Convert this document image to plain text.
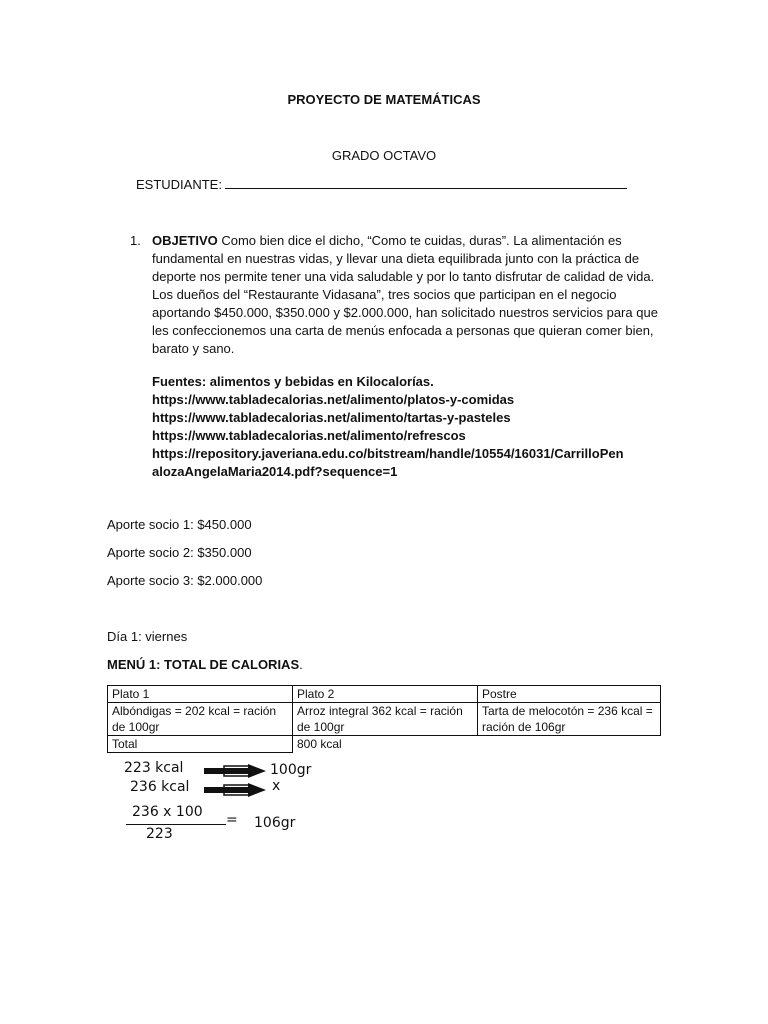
PROYECTO DE MATEMÁTICAS
GRADO OCTAVO
ESTUDIANTE:
1. OBJETIVO Como bien dice el dicho, “Como te cuidas, duras”. La alimentación es fundamental en nuestras vidas, y llevar una dieta equilibrada junto con la práctica de deporte nos permite tener una vida saludable y por lo tanto disfrutar de calidad de vida. Los dueños del “Restaurante Vidasana”, tres socios que participan en el negocio aportando $450.000, $350.000 y $2.000.000, han solicitado nuestros servicios para que les confeccionemos una carta de menús enfocada a personas que quieran comer bien, barato y sano.
Fuentes: alimentos y bebidas en Kilocalorías.
https://www.tabladecalorias.net/alimento/platos-y-comidas
https://www.tabladecalorias.net/alimento/tartas-y-pasteles
https://www.tabladecalorias.net/alimento/refrescos
https://repository.javeriana.edu.co/bitstream/handle/10554/16031/CarrilloPen
alozaAngelaMaria2014.pdf?sequence=1
Aporte socio 1: $450.000
Aporte socio 2: $350.000
Aporte socio 3: $2.000.000
Día 1: viernes
MENÚ 1: TOTAL DE CALORIAS.
Plato 1	Plato 2	Postre
Albóndigas = 202 kcal = ración de 100gr	Arroz integral 362 kcal = ración de 100gr	Tarta de melocotón = 236 kcal = ración de 106gr
Total	800 kcal	
223 kcal	100gr
236 kcal	x
236 x 100 =
223
106gr
